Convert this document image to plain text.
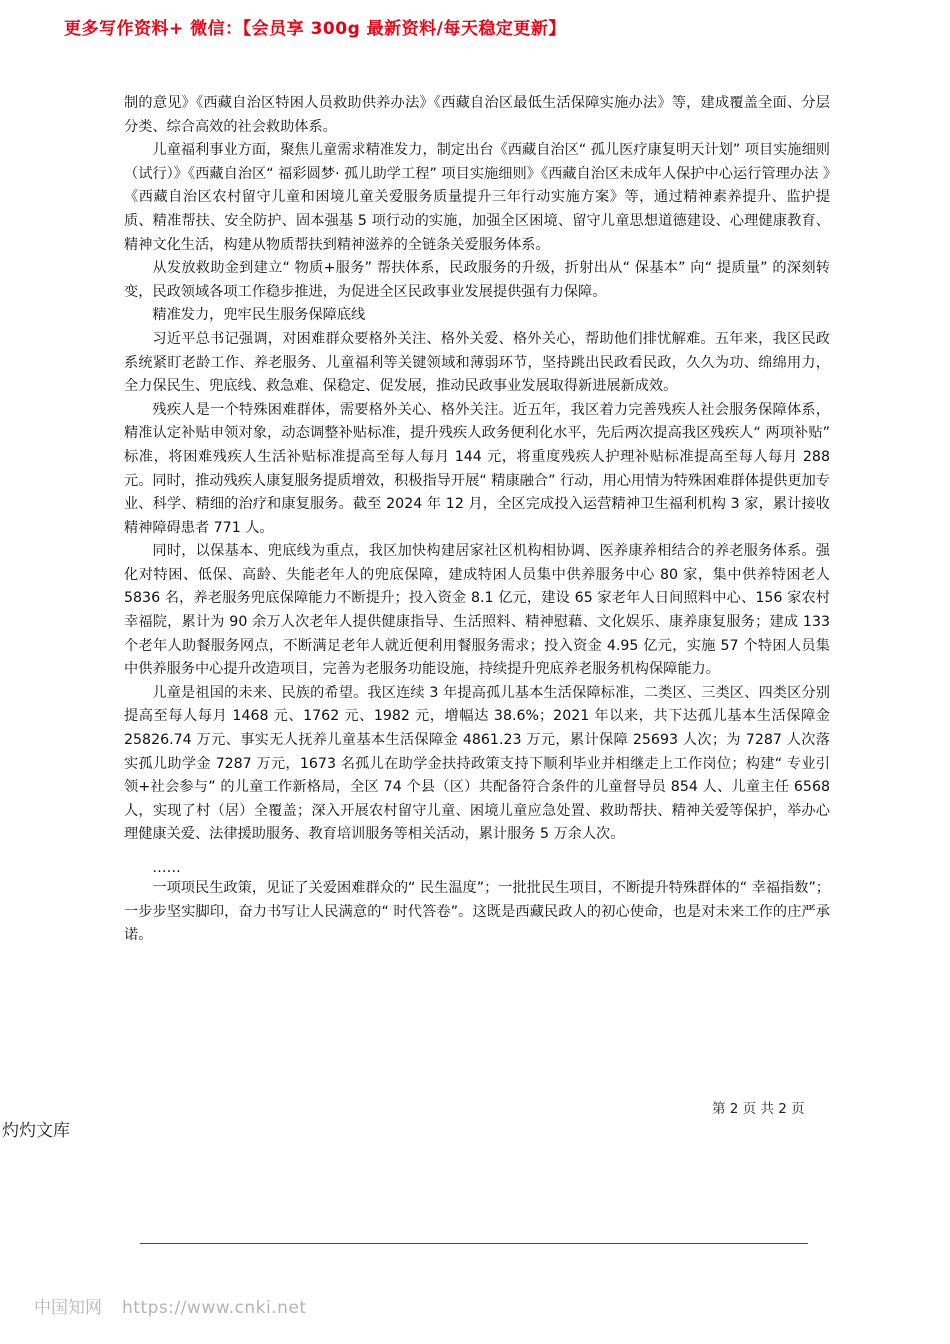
更多写作资料+ 微信：【会员享 300g 最新资料/每天稳定更新】

制的意见》《西藏自治区特困人员救助供养办法》《西藏自治区最低生活保障实施办法》等，建成覆盖全面、分层分类、综合高效的社会救助体系。

儿童福利事业方面，聚焦儿童需求精准发力，制定出台《西藏自治区“ 孤儿医疗康复明天计划” 项目实施细则（试行）》《西藏自治区“ 福彩圆梦· 孤儿助学工程” 项目实施细则》《西藏自治区未成年人保护中心运行管理办法 》《西藏自治区农村留守儿童和困境儿童关爱服务质量提升三年行动实施方案》等，通过精神素养提升、监护提质、精准帮扶、安全防护、固本强基 5 项行动的实施，加强全区困境、留守儿童思想道德建设、心理健康教育、精神文化生活，构建从物质帮扶到精神滋养的全链条关爱服务体系。

从发放救助金到建立“ 物质+服务” 帮扶体系，民政服务的升级，折射出从“ 保基本” 向“ 提质量” 的深刻转变，民政领域各项工作稳步推进，为促进全区民政事业发展提供强有力保障。

精准发力，兜牢民生服务保障底线

习近平总书记强调，对困难群众要格外关注、格外关爱、格外关心，帮助他们排忧解难。五年来，我区民政系统紧盯老龄工作、养老服务、儿童福利等关键领域和薄弱环节，坚持跳出民政看民政，久久为功、绵绵用力，全力保民生、兜底线、救急难、保稳定、促发展，推动民政事业发展取得新进展新成效。

残疾人是一个特殊困难群体，需要格外关心、格外关注。近五年，我区着力完善残疾人社会服务保障体系，精准认定补贴申领对象，动态调整补贴标准，提升残疾人政务便利化水平，先后两次提高我区残疾人“ 两项补贴” 标准，将困难残疾人生活补贴标准提高至每人每月 144 元，将重度残疾人护理补贴标准提高至每人每月 288 元。同时，推动残疾人康复服务提质增效，积极指导开展“ 精康融合” 行动，用心用情为特殊困难群体提供更加专业、科学、精细的治疗和康复服务。截至 2024 年 12 月，全区完成投入运营精神卫生福利机构 3 家，累计接收精神障碍患者 771 人。

同时，以保基本、兜底线为重点，我区加快构建居家社区机构相协调、医养康养相结合的养老服务体系。强化对特困、低保、高龄、失能老年人的兜底保障，建成特困人员集中供养服务中心 80 家，集中供养特困老人 5836 名，养老服务兜底保障能力不断提升；投入资金 8.1 亿元，建设 65 家老年人日间照料中心、156 家农村幸福院，累计为 90 余万人次老年人提供健康指导、生活照料、精神慰藉、文化娱乐、康养康复服务；建成 133 个老年人助餐服务网点，不断满足老年人就近便利用餐服务需求；投入资金 4.95 亿元，实施 57 个特困人员集中供养服务中心提升改造项目，完善为老服务功能设施，持续提升兜底养老服务机构保障能力。

儿童是祖国的未来、民族的希望。我区连续 3 年提高孤儿基本生活保障标准，二类区、三类区、四类区分别提高至每人每月 1468 元、1762 元、1982 元，增幅达 38.6%；2021 年以来，共下达孤儿基本生活保障金 25826.74 万元、事实无人抚养儿童基本生活保障金 4861.23 万元，累计保障 25693 人次；为 7287 人次落实孤儿助学金 7287 万元，1673 名孤儿在助学金扶持政策支持下顺利毕业并相继走上工作岗位；构建“ 专业引领+社会参与” 的儿童工作新格局，全区 74 个县（区）共配备符合条件的儿童督导员 854 人、儿童主任 6568 人，实现了村（居）全覆盖；深入开展农村留守儿童、困境儿童应急处置、救助帮扶、精神关爱等保护，举办心理健康关爱、法律援助服务、教育培训服务等相关活动，累计服务 5 万余人次。

……

一项项民生政策，见证了关爱困难群众的“ 民生温度”；一批批民生项目，不断提升特殊群体的“ 幸福指数”；一步步坚实脚印，奋力书写让人民满意的“ 时代答卷”。这既是西藏民政人的初心使命，也是对未来工作的庄严承诺。

第 2 页 共 2 页
灼灼文库
中国知网 https://www.cnki.net
